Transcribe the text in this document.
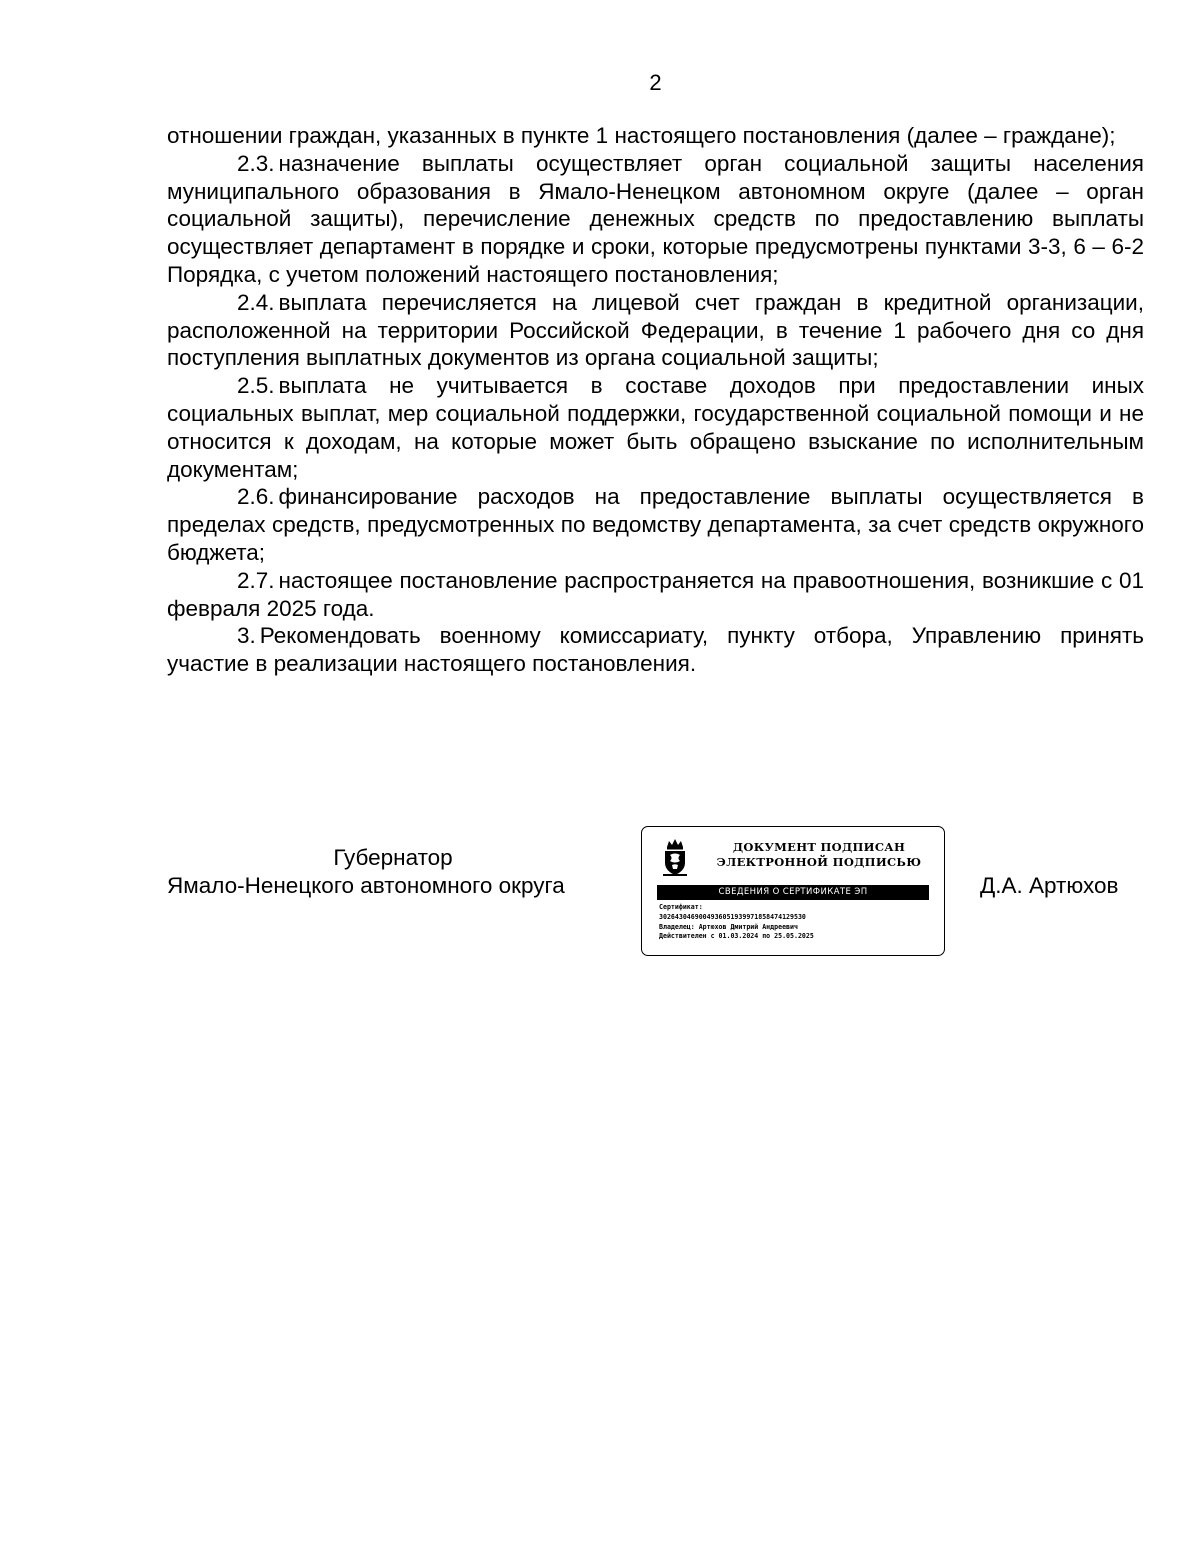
2

отношении граждан, указанных в пункте 1 настоящего постановления (далее – граждане);

2.3. назначение выплаты осуществляет орган социальной защиты населения муниципального образования в Ямало-Ненецком автономном округе (далее – орган социальной защиты), перечисление денежных средств по предоставлению выплаты осуществляет департамент в порядке и сроки, которые предусмотрены пунктами 3-3, 6 – 6-2 Порядка, с учетом положений настоящего постановления;

2.4. выплата перечисляется на лицевой счет граждан в кредитной организации, расположенной на территории Российской Федерации, в течение 1 рабочего дня со дня поступления выплатных документов из органа социальной защиты;

2.5. выплата не учитывается в составе доходов при предоставлении иных социальных выплат, мер социальной поддержки, государственной социальной помощи и не относится к доходам, на которые может быть обращено взыскание по исполнительным документам;

2.6. финансирование расходов на предоставление выплаты осуществляется в пределах средств, предусмотренных по ведомству департамента, за счет средств окружного бюджета;

2.7. настоящее постановление распространяется на правоотношения, возникшие с 01 февраля 2025 года.

3. Рекомендовать военному комиссариату, пункту отбора, Управлению принять участие в реализации настоящего постановления.

Губернатор
Ямало-Ненецкого автономного округа	Д.А. Артюхов
ДОКУМЕНТ ПОДПИСАН
ЭЛЕКТРОННОЙ ПОДПИСЬЮ
СВЕДЕНИЯ О СЕРТИФИКАТЕ ЭП
Сертификат:
3026430469004936051939971858474129530
Владелец: Артюхов Дмитрий Андреевич
Действителен с 01.03.2024 по 25.05.2025
